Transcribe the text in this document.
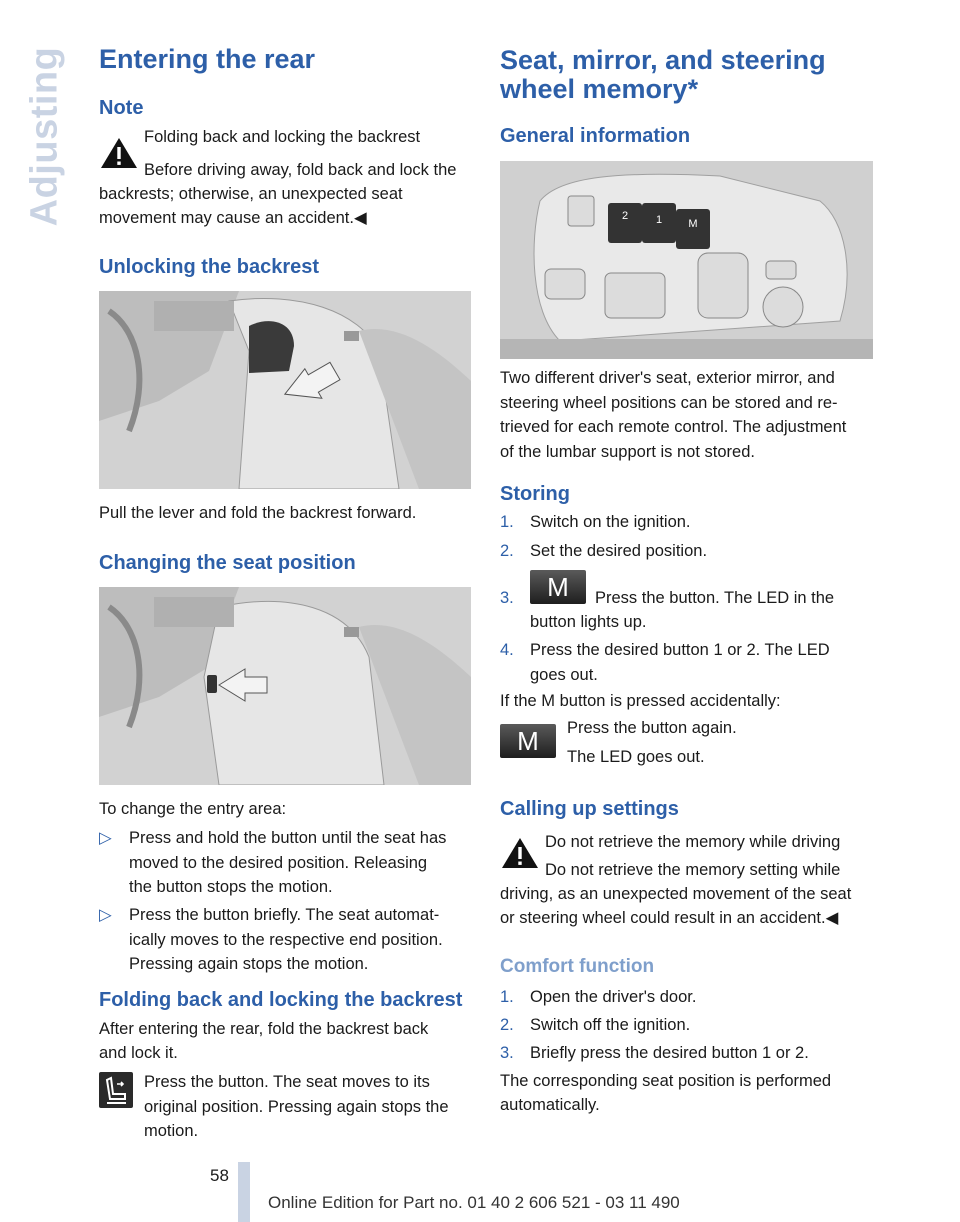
Adjusting Entering the rear
Note
Folding back and locking the backrest
Before driving away, fold back and lock the
backrests; otherwise, an unexpected seat
movement may cause an accident.◀
Unlocking the backrest
Pull the lever and fold the backrest forward.
Changing the seat position
To change the entry area:
▷ Press and hold the button until the seat has
moved to the desired position. Releasing
the button stops the motion.
▷ Press the button briefly. The seat automat‐
ically moves to the respective end position.
Pressing again stops the motion.
Folding back and locking the backrest
After entering the rear, fold the backrest back
and lock it.
Press the button. The seat moves to its
original position. Pressing again stops the
motion.
Seat, mirror, and steering
wheel memory*
General information
2	1 M
Two different driver's seat, exterior mirror, and
steering wheel positions can be stored and re‐
trieved for each remote control. The adjustment
of the lumbar support is not stored.
Storing
1. Switch on the ignition.
2. Set the desired position.
3.	M	Press the button. The LED in the
button lights up.
4. Press the desired button 1 or 2. The LED
goes out.
If the M button is pressed accidentally:
M	Press the button again.
The LED goes out.
Calling up settings
Do not retrieve the memory while driving
Do not retrieve the memory setting while
driving, as an unexpected movement of the seat
or steering wheel could result in an accident.◀
Comfort function
1. Open the driver's door.
2. Switch off the ignition.
3. Briefly press the desired button 1 or 2.
The corresponding seat position is performed
automatically.
58
Online Edition for Part no. 01 40 2 606 521 - 03 11 490
